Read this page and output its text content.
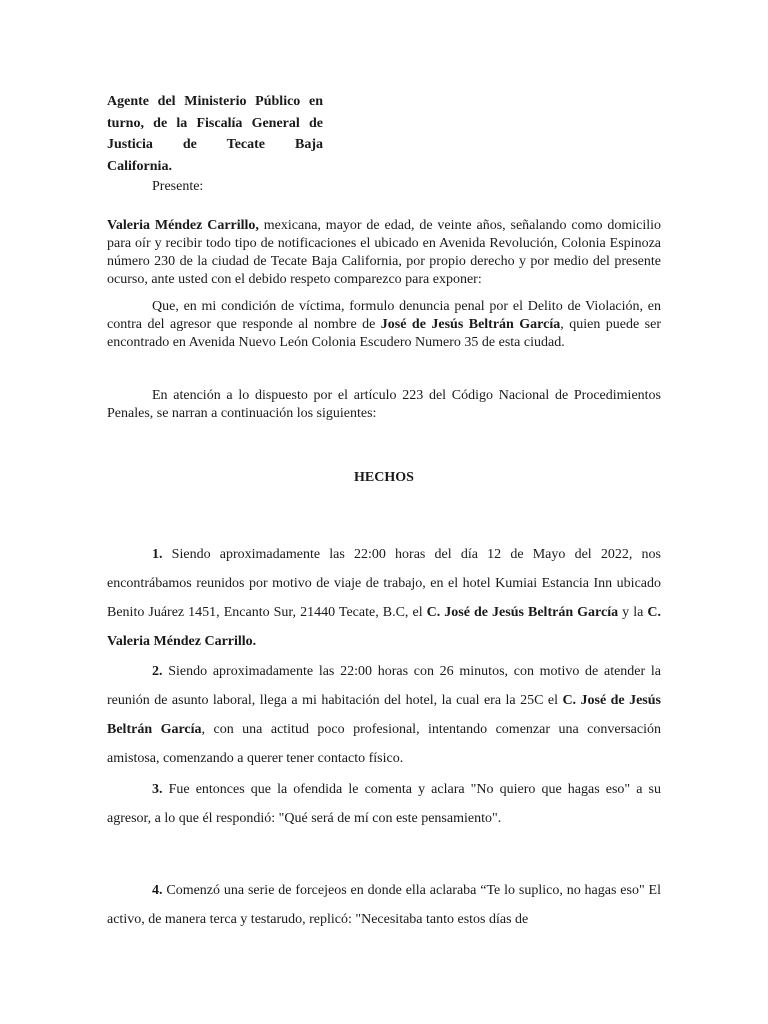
Agente del Ministerio Público en
turno, de la Fiscalía General de
Justicia de Tecate Baja
California.
Presente:

Valeria Méndez Carrillo, mexicana, mayor de edad, de veinte años, señalando como domicilio para oír y recibir todo tipo de notificaciones el ubicado en Avenida Revolución, Colonia Espinoza número 230 de la ciudad de Tecate Baja California, por propio derecho y por medio del presente ocurso, ante usted con el debido respeto comparezco para exponer:

Que, en mi condición de víctima, formulo denuncia penal por el Delito de Violación, en contra del agresor que responde al nombre de José de Jesús Beltrán García, quien puede ser encontrado en Avenida Nuevo León Colonia Escudero Numero 35 de esta ciudad.

En atención a lo dispuesto por el artículo 223 del Código Nacional de Procedimientos Penales, se narran a continuación los siguientes:

HECHOS

1. Siendo aproximadamente las 22:00 horas del día 12 de Mayo del 2022, nos encontrábamos reunidos por motivo de viaje de trabajo, en el hotel Kumiai Estancia Inn ubicado Benito Juárez 1451, Encanto Sur, 21440 Tecate, B.C, el C. José de Jesús Beltrán García y la C. Valeria Méndez Carrillo.

2. Siendo aproximadamente las 22:00 horas con 26 minutos, con motivo de atender la reunión de asunto laboral, llega a mi habitación del hotel, la cual era la 25C el C. José de Jesús Beltrán García, con una actitud poco profesional, intentando comenzar una conversación amistosa, comenzando a querer tener contacto físico.

3. Fue entonces que la ofendida le comenta y aclara "No quiero que hagas eso" a su agresor, a lo que él respondió: "Qué será de mí con este pensamiento".

4. Comenzó una serie de forcejeos en donde ella aclaraba “Te lo suplico, no hagas eso" El activo, de manera terca y testarudo, replicó: "Necesitaba tanto estos días de
